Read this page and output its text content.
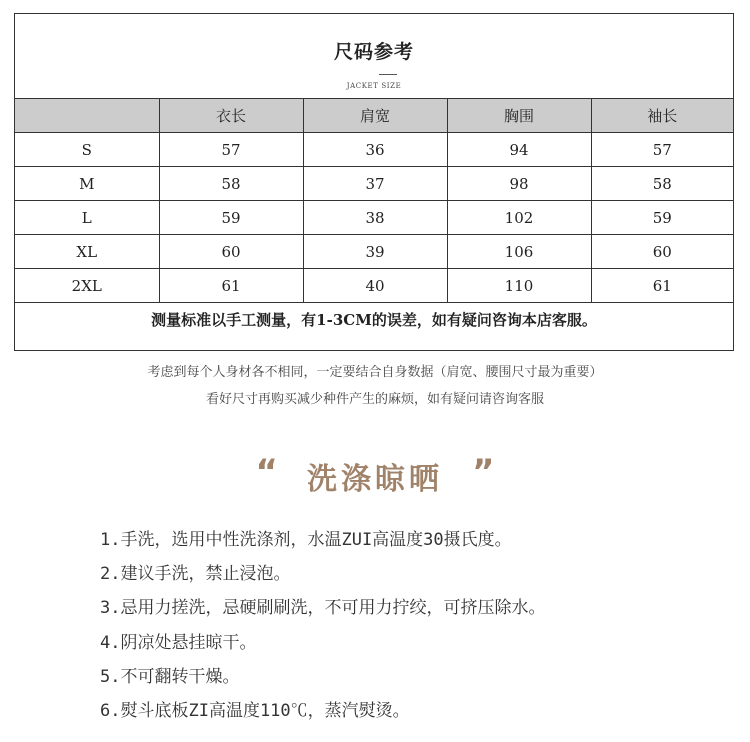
尺码参考
JACKET SIZE
	衣长	肩宽	胸围	袖长
S	57	36	94	57
M	58	37	98	58
L	59	38	102	59
XL	60	39	106	60
2XL	61	40	110	61
测量标准以手工测量，有1-3CM的误差，如有疑问咨询本店客服。				
考虑到每个人身材各不相同，一定要结合自身数据（肩宽、腰围尺寸最为重要）
看好尺寸再购买减少种件产生的麻烦，如有疑问请咨询客服
“ 洗涤晾晒 ”
1.手洗，选用中性洗涤剂，水温ZUI高温度30摄氏度。
2.建议手洗，禁止浸泡。
3.忌用力搓洗，忌硬刷刷洗，不可用力拧绞，可挤压除水。
4.阴凉处悬挂晾干。
5.不可翻转干燥。
6.熨斗底板ZI高温度110℃，蒸汽熨烫。
